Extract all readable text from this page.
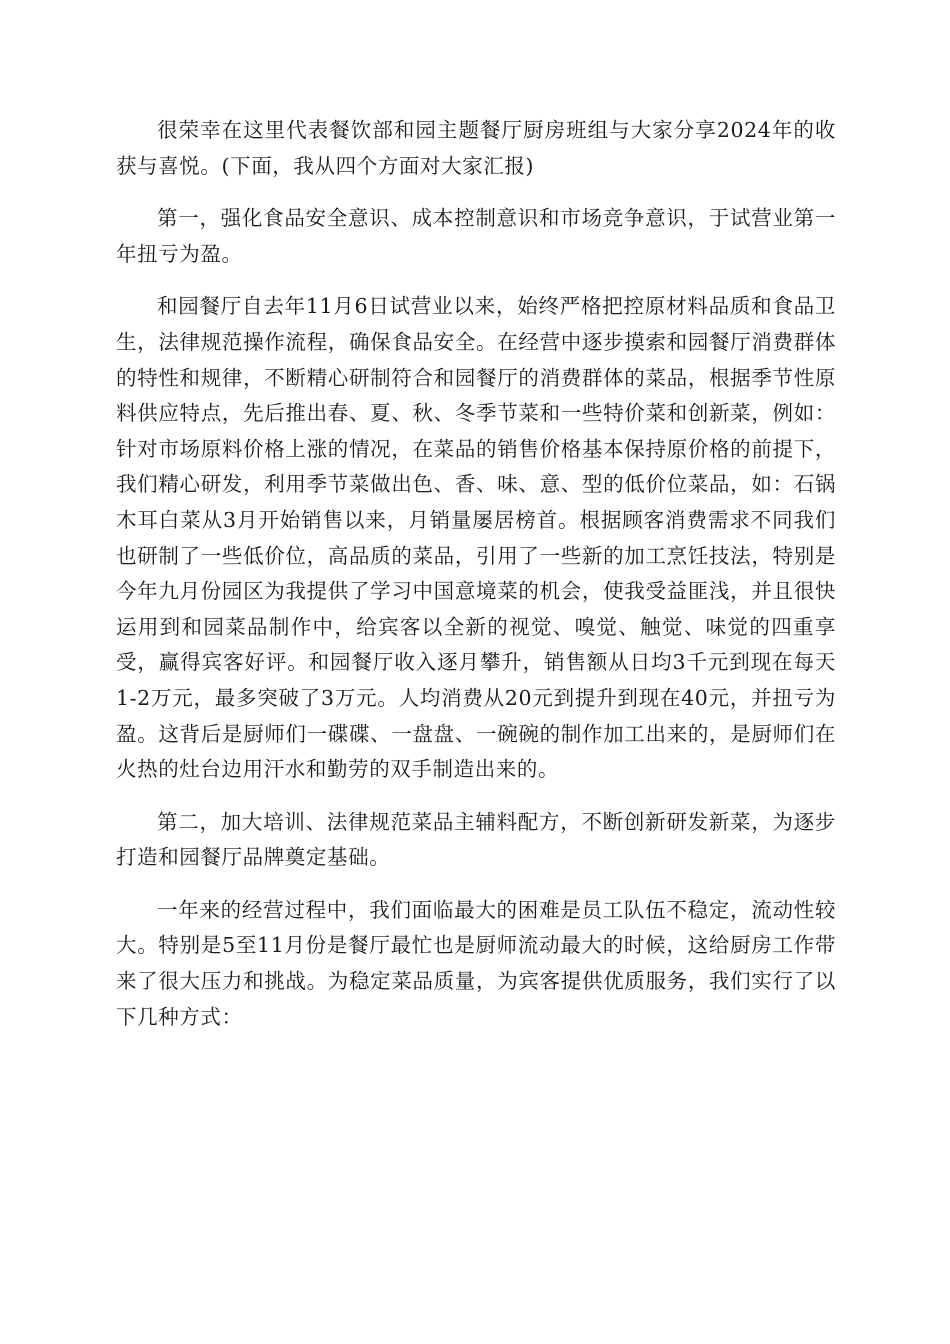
很荣幸在这里代表餐饮部和园主题餐厅厨房班组与大家分享2024年的收获与喜悦。(下面，我从四个方面对大家汇报)

第一，强化食品安全意识、成本控制意识和市场竞争意识，于试营业第一年扭亏为盈。

和园餐厅自去年11月6日试营业以来，始终严格把控原材料品质和食品卫生，法律规范操作流程，确保食品安全。在经营中逐步摸索和园餐厅消费群体的特性和规律，不断精心研制符合和园餐厅的消费群体的菜品，根据季节性原料供应特点，先后推出春、夏、秋、冬季节菜和一些特价菜和创新菜，例如：针对市场原料价格上涨的情况，在菜品的销售价格基本保持原价格的前提下，我们精心研发，利用季节菜做出色、香、味、意、型的低价位菜品，如：石锅木耳白菜从3月开始销售以来，月销量屡居榜首。根据顾客消费需求不同我们也研制了一些低价位，高品质的菜品，引用了一些新的加工烹饪技法，特别是今年九月份园区为我提供了学习中国意境菜的机会，使我受益匪浅，并且很快运用到和园菜品制作中，给宾客以全新的视觉、嗅觉、触觉、味觉的四重享受，赢得宾客好评。和园餐厅收入逐月攀升，销售额从日均3千元到现在每天1-2万元，最多突破了3万元。人均消费从20元到提升到现在40元，并扭亏为盈。这背后是厨师们一碟碟、一盘盘、一碗碗的制作加工出来的，是厨师们在火热的灶台边用汗水和勤劳的双手制造出来的。

第二，加大培训、法律规范菜品主辅料配方，不断创新研发新菜，为逐步打造和园餐厅品牌奠定基础。

一年来的经营过程中，我们面临最大的困难是员工队伍不稳定，流动性较大。特别是5至11月份是餐厅最忙也是厨师流动最大的时候，这给厨房工作带来了很大压力和挑战。为稳定菜品质量，为宾客提供优质服务，我们实行了以下几种方式：
